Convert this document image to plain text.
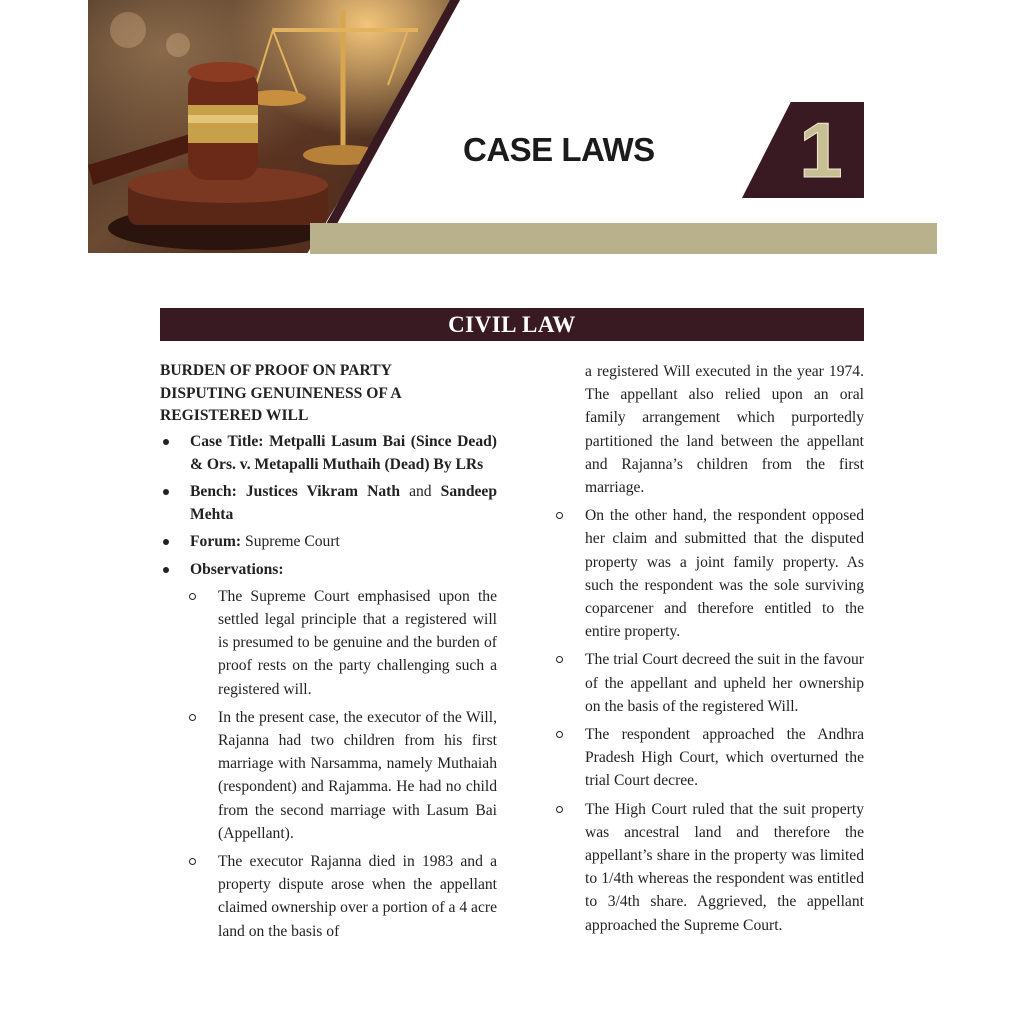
CASE LAWS	1
CIVIL LAW
BURDEN OF PROOF ON PARTY
DISPUTING GENUINENESS OF A
REGISTERED WILL
Case Title: Metpalli Lasum Bai (Since Dead) & Ors. v. Metapalli Muthaih (Dead) By LRs
Bench: Justices Vikram Nath and Sandeep Mehta
Forum: Supreme Court
Observations:
The Supreme Court emphasised upon the settled legal principle that a registered will is presumed to be genuine and the burden of proof rests on the party challenging such a registered will.
In the present case, the executor of the Will, Rajanna had two children from his first marriage with Narsamma, namely Muthaiah (respondent) and Rajamma. He had no child from the second marriage with Lasum Bai (Appellant).
The executor Rajanna died in 1983 and a property dispute arose when the appellant claimed ownership over a portion of a 4 acre land on the basis of
a registered Will executed in the year 1974. The appellant also relied upon an oral family arrangement which purportedly partitioned the land between the appellant and Rajanna’s children from the first marriage.
On the other hand, the respondent opposed her claim and submitted that the disputed property was a joint family property. As such the respondent was the sole surviving coparcener and therefore entitled to the entire property.
The trial Court decreed the suit in the favour of the appellant and upheld her ownership on the basis of the registered Will.
The respondent approached the Andhra Pradesh High Court, which overturned the trial Court decree.
The High Court ruled that the suit property was ancestral land and therefore the appellant’s share in the property was limited to 1/4th whereas the respondent was entitled to 3/4th share. Aggrieved, the appellant approached the Supreme Court.
